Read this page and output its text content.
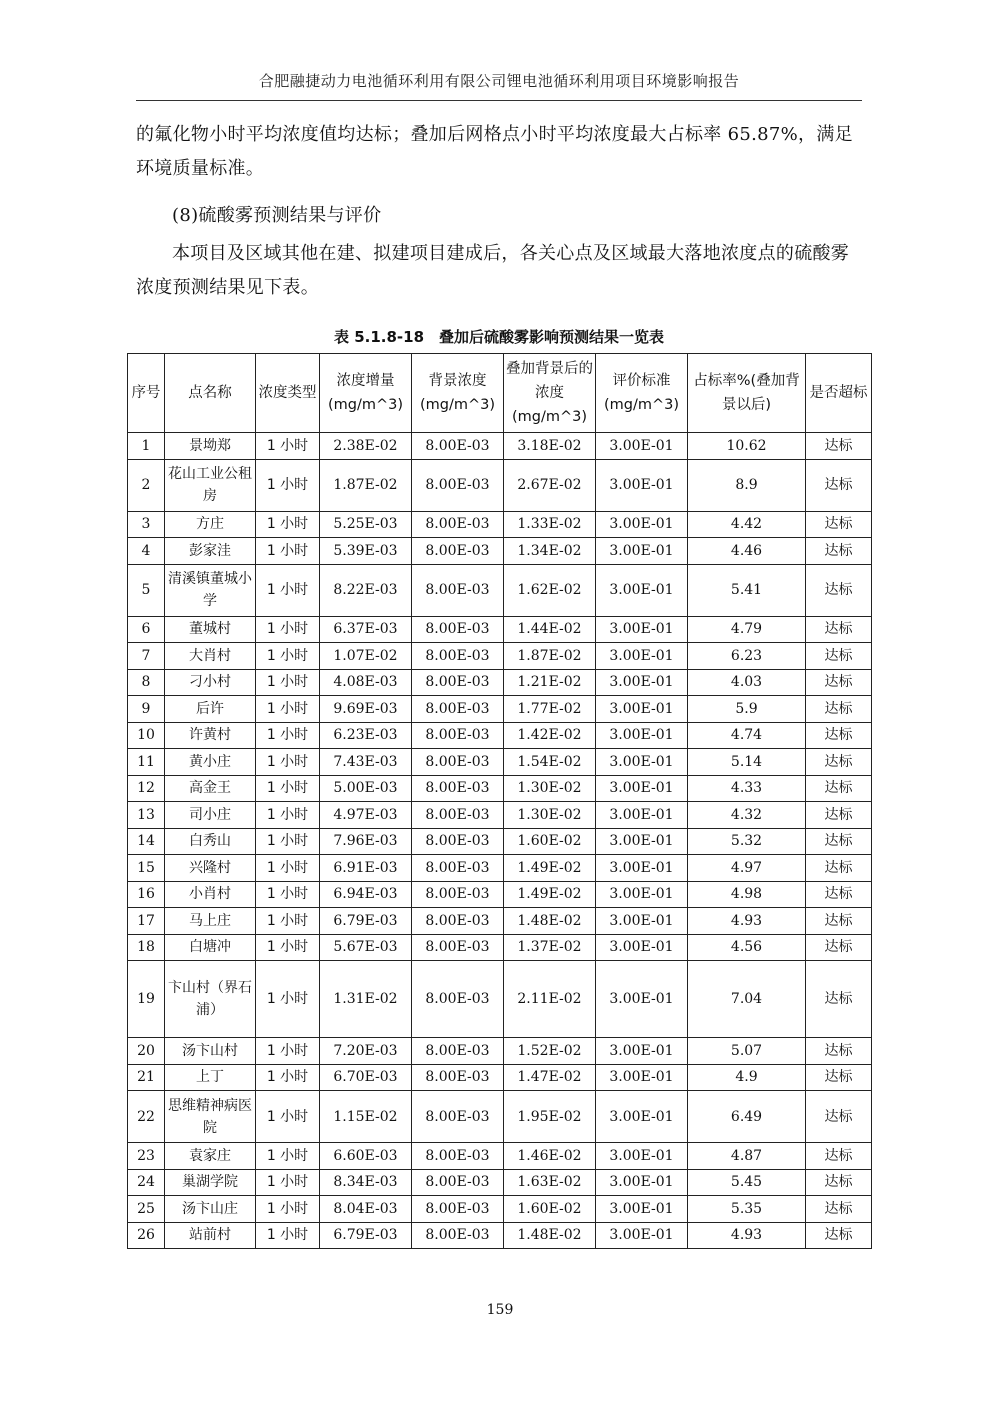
合肥融捷动力电池循环利用有限公司锂电池循环利用项目环境影响报告

的氟化物小时平均浓度值均达标；叠加后网格点小时平均浓度最大占标率 65.87%，满足环境质量标准。

(8)硫酸雾预测结果与评价

本项目及区域其他在建、拟建项目建成后，各关心点及区域最大落地浓度点的硫酸雾浓度预测结果见下表。

表 5.1.8-18　叠加后硫酸雾影响预测结果一览表
序号	点名称	浓度类型	浓度增量(mg/m^3)	背景浓度(mg/m^3)	叠加背景后的浓度(mg/m^3)	评价标准(mg/m^3)	占标率%(叠加背景以后)	是否超标
1	景坳郑	1 小时	2.38E-02	8.00E-03	3.18E-02	3.00E-01	10.62	达标
2	花山工业公租房	1 小时	1.87E-02	8.00E-03	2.67E-02	3.00E-01	8.9	达标
3	方庄	1 小时	5.25E-03	8.00E-03	1.33E-02	3.00E-01	4.42	达标
4	彭家洼	1 小时	5.39E-03	8.00E-03	1.34E-02	3.00E-01	4.46	达标
5	清溪镇董城小学	1 小时	8.22E-03	8.00E-03	1.62E-02	3.00E-01	5.41	达标
6	董城村	1 小时	6.37E-03	8.00E-03	1.44E-02	3.00E-01	4.79	达标
7	大肖村	1 小时	1.07E-02	8.00E-03	1.87E-02	3.00E-01	6.23	达标
8	刁小村	1 小时	4.08E-03	8.00E-03	1.21E-02	3.00E-01	4.03	达标
9	后许	1 小时	9.69E-03	8.00E-03	1.77E-02	3.00E-01	5.9	达标
10	许黄村	1 小时	6.23E-03	8.00E-03	1.42E-02	3.00E-01	4.74	达标
11	黄小庄	1 小时	7.43E-03	8.00E-03	1.54E-02	3.00E-01	5.14	达标
12	高金王	1 小时	5.00E-03	8.00E-03	1.30E-02	3.00E-01	4.33	达标
13	司小庄	1 小时	4.97E-03	8.00E-03	1.30E-02	3.00E-01	4.32	达标
14	白秀山	1 小时	7.96E-03	8.00E-03	1.60E-02	3.00E-01	5.32	达标
15	兴隆村	1 小时	6.91E-03	8.00E-03	1.49E-02	3.00E-01	4.97	达标
16	小肖村	1 小时	6.94E-03	8.00E-03	1.49E-02	3.00E-01	4.98	达标
17	马上庄	1 小时	6.79E-03	8.00E-03	1.48E-02	3.00E-01	4.93	达标
18	白塘冲	1 小时	5.67E-03	8.00E-03	1.37E-02	3.00E-01	4.56	达标
19	卞山村（界石浦）	1 小时	1.31E-02	8.00E-03	2.11E-02	3.00E-01	7.04	达标
20	汤卞山村	1 小时	7.20E-03	8.00E-03	1.52E-02	3.00E-01	5.07	达标
21	上丁	1 小时	6.70E-03	8.00E-03	1.47E-02	3.00E-01	4.9	达标
22	思维精神病医院	1 小时	1.15E-02	8.00E-03	1.95E-02	3.00E-01	6.49	达标
23	袁家庄	1 小时	6.60E-03	8.00E-03	1.46E-02	3.00E-01	4.87	达标
24	巢湖学院	1 小时	8.34E-03	8.00E-03	1.63E-02	3.00E-01	5.45	达标
25	汤卞山庄	1 小时	8.04E-03	8.00E-03	1.60E-02	3.00E-01	5.35	达标
26	站前村	1 小时	6.79E-03	8.00E-03	1.48E-02	3.00E-01	4.93	达标
159
